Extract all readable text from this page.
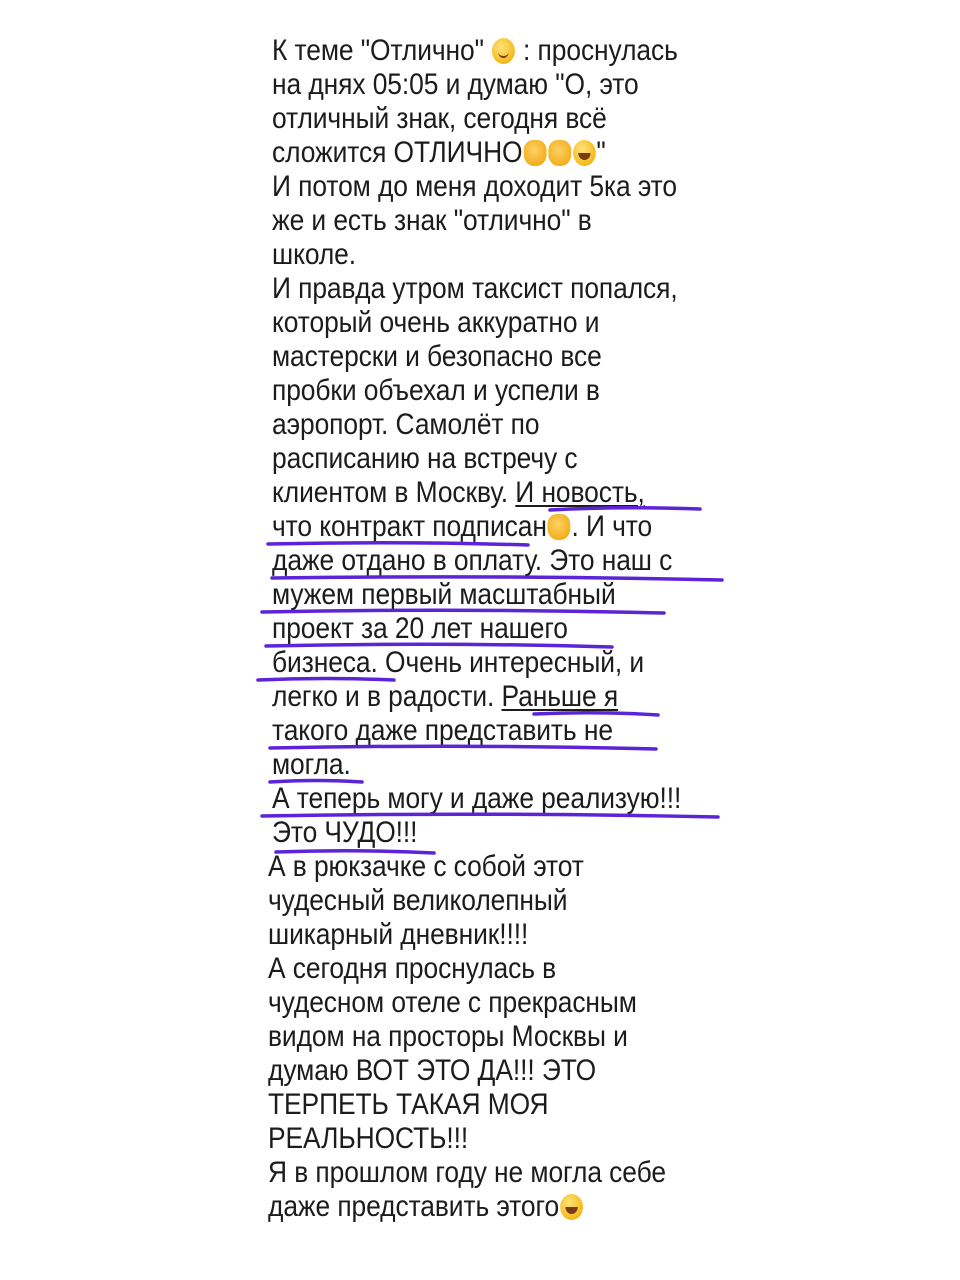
К теме "Отлично"  : проснулась
на днях 05:05 и думаю "О, это
отличный знак, сегодня всё
сложится ОТЛИЧНО "
И потом до меня доходит 5ка это
же и есть знак "отлично" в
школе.
И правда утром таксист попался,
который очень аккуратно и
мастерски и безопасно все
пробки объехал и успели в
аэропорт. Самолёт по
расписанию на встречу с
клиентом в Москву. И новость,
что контракт подписан . И что
даже отдано в оплату. Это наш с
мужем первый масштабный
проект за 20 лет нашего
бизнеса. Очень интересный, и
легко и в радости. Раньше я
такого даже представить не
могла.
А теперь могу и даже реализую!!!
Это ЧУДО!!!
А в рюкзачке с собой этот
чудесный великолепный
шикарный дневник!!!!
А сегодня проснулась в
чудесном отеле с прекрасным
видом на просторы Москвы и
думаю ВОТ ЭТО ДА!!! ЭТО
ТЕРПЕТЬ ТАКАЯ МОЯ
РЕАЛЬНОСТЬ!!!
Я в прошлом году не могла себе
даже представить этого
